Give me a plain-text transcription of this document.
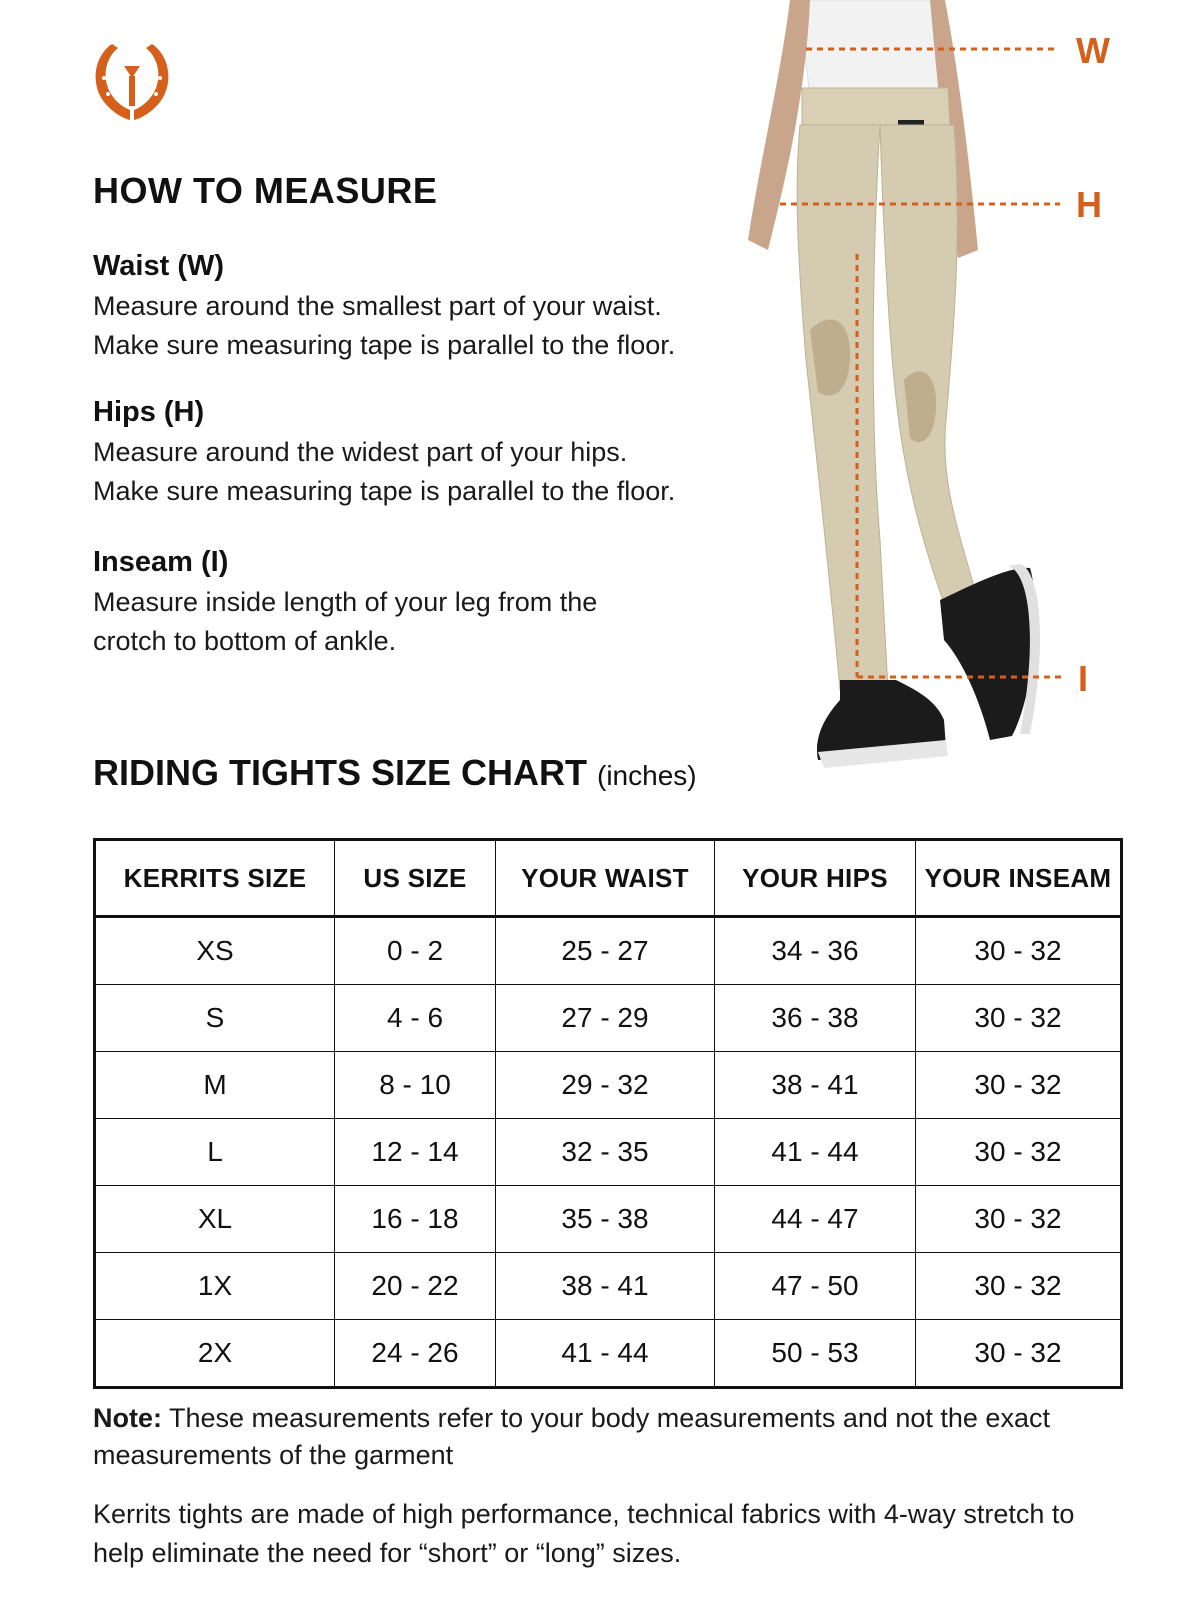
HOW TO MEASURE
Waist (W)
Measure around the smallest part of your waist.
Make sure measuring tape is parallel to the floor.
Hips (H)
Measure around the widest part of your hips.
Make sure measuring tape is parallel to the floor.
Inseam (I)
Measure inside length of your leg from the
crotch to bottom of ankle.
W
H
I
RIDING TIGHTS SIZE CHART (inches)
KERRITS SIZE	US SIZE	YOUR WAIST	YOUR HIPS	YOUR INSEAM
XS	0 - 2	25 - 27	34 - 36	30 - 32
S	4 - 6	27 - 29	36 - 38	30 - 32
M	8 - 10	29 - 32	38 - 41	30 - 32
L	12 - 14	32 - 35	41 - 44	30 - 32
XL	16 - 18	35 - 38	44 - 47	30 - 32
1X	20 - 22	38 - 41	47 - 50	30 - 32
2X	24 - 26	41 - 44	50 - 53	30 - 32
Note: These measurements refer to your body measurements and not the exact measurements of the garment
Kerrits tights are made of high performance, technical fabrics with 4-way stretch to help eliminate the need for “short” or “long” sizes.
